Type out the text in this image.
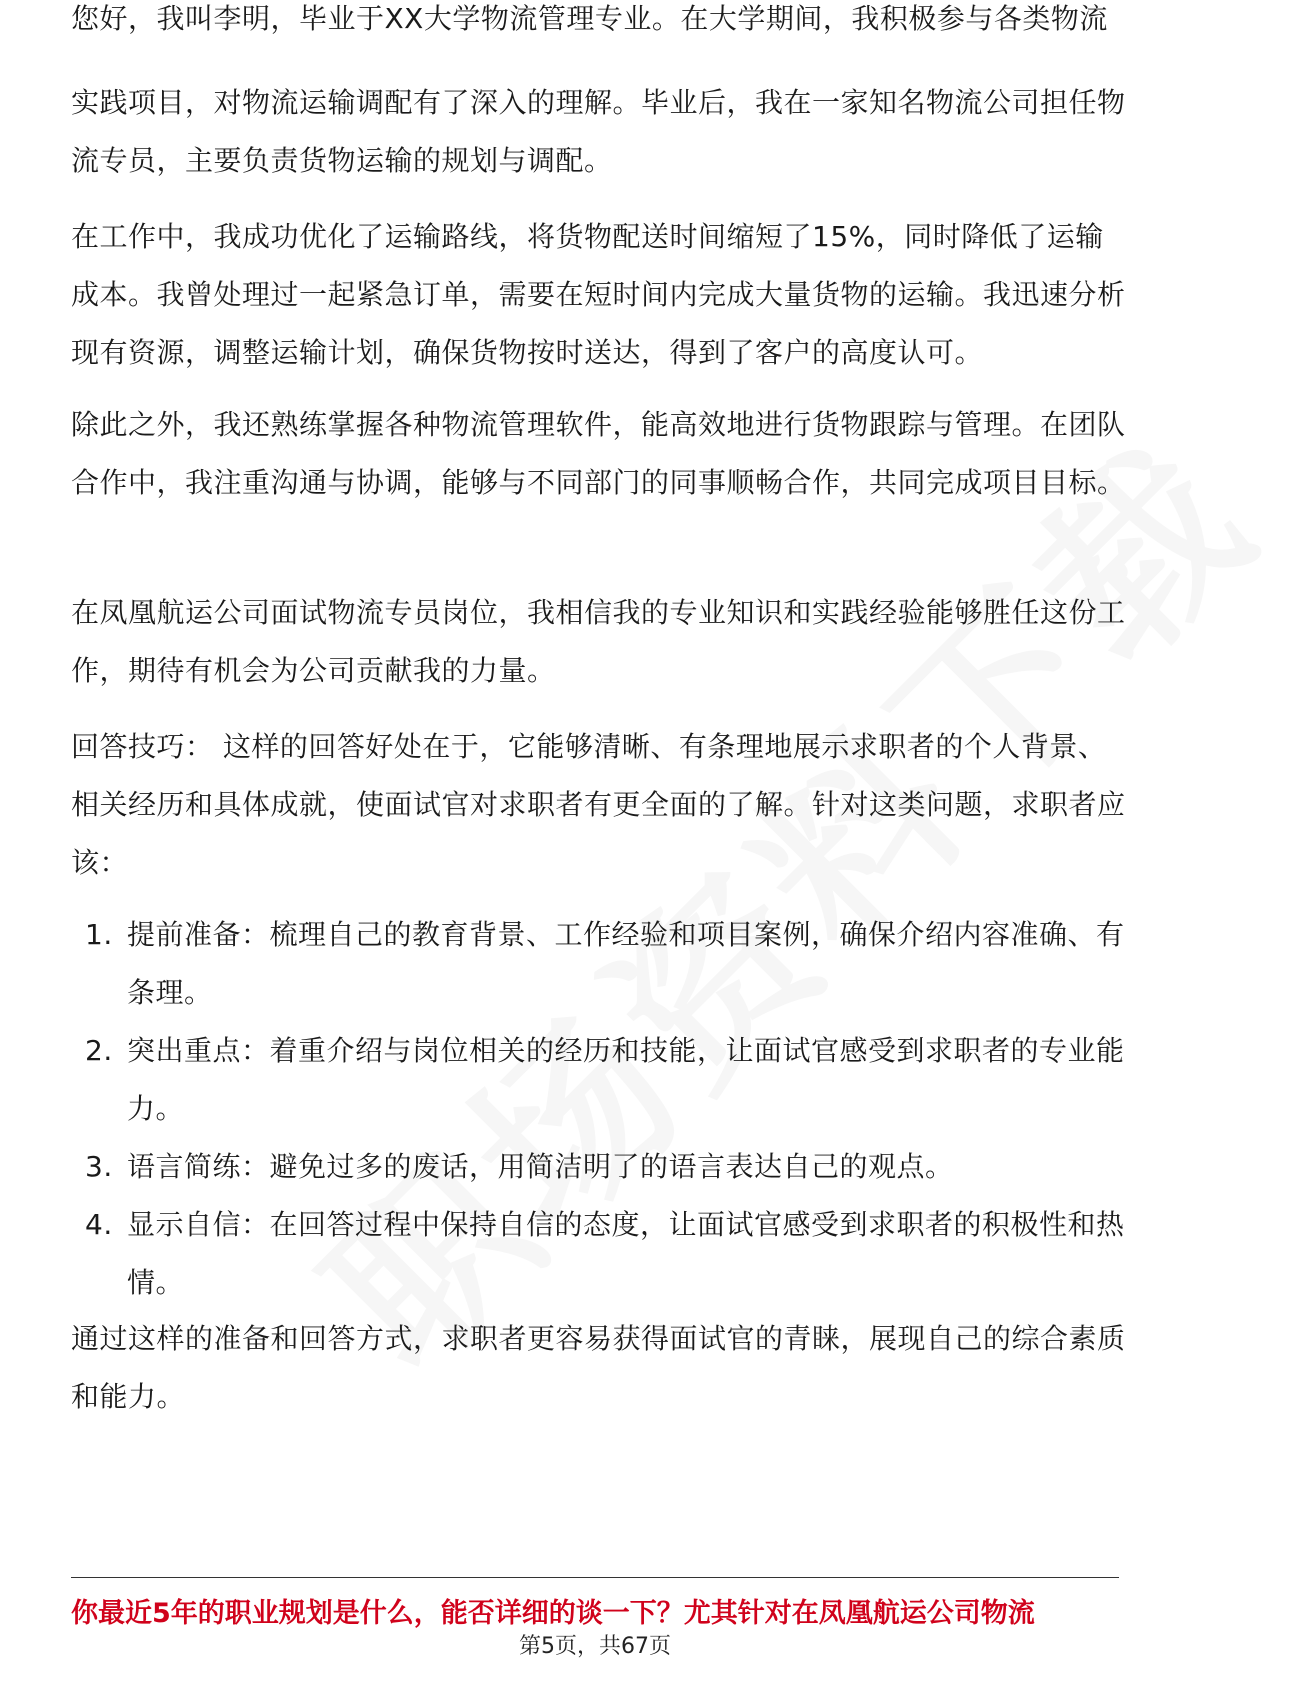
您好，我叫李明，毕业于XX大学物流管理专业。在大学期间，我积极参与各类物流

实践项目，对物流运输调配有了深入的理解。毕业后，我在一家知名物流公司担任物流专员，主要负责货物运输的规划与调配。

在工作中，我成功优化了运输路线，将货物配送时间缩短了15%，同时降低了运输成本。我曾处理过一起紧急订单，需要在短时间内完成大量货物的运输。我迅速分析现有资源，调整运输计划，确保货物按时送达，得到了客户的高度认可。

除此之外，我还熟练掌握各种物流管理软件，能高效地进行货物跟踪与管理。在团队合作中，我注重沟通与协调，能够与不同部门的同事顺畅合作，共同完成项目目标。

在凤凰航运公司面试物流专员岗位，我相信我的专业知识和实践经验能够胜任这份工作，期待有机会为公司贡献我的力量。

回答技巧： 这样的回答好处在于，它能够清晰、有条理地展示求职者的个人背景、相关经历和具体成就，使面试官对求职者有更全面的了解。针对这类问题，求职者应该：

1. 提前准备：梳理自己的教育背景、工作经验和项目案例，确保介绍内容准确、有条理。
2. 突出重点：着重介绍与岗位相关的经历和技能，让面试官感受到求职者的专业能力。
3. 语言简练：避免过多的废话，用简洁明了的语言表达自己的观点。
4. 显示自信：在回答过程中保持自信的态度，让面试官感受到求职者的积极性和热情。

通过这样的准备和回答方式，求职者更容易获得面试官的青睐，展现自己的综合素质和能力。

你最近5年的职业规划是什么，能否详细的谈一下？尤其针对在凤凰航运公司物流

第5页，共67页
